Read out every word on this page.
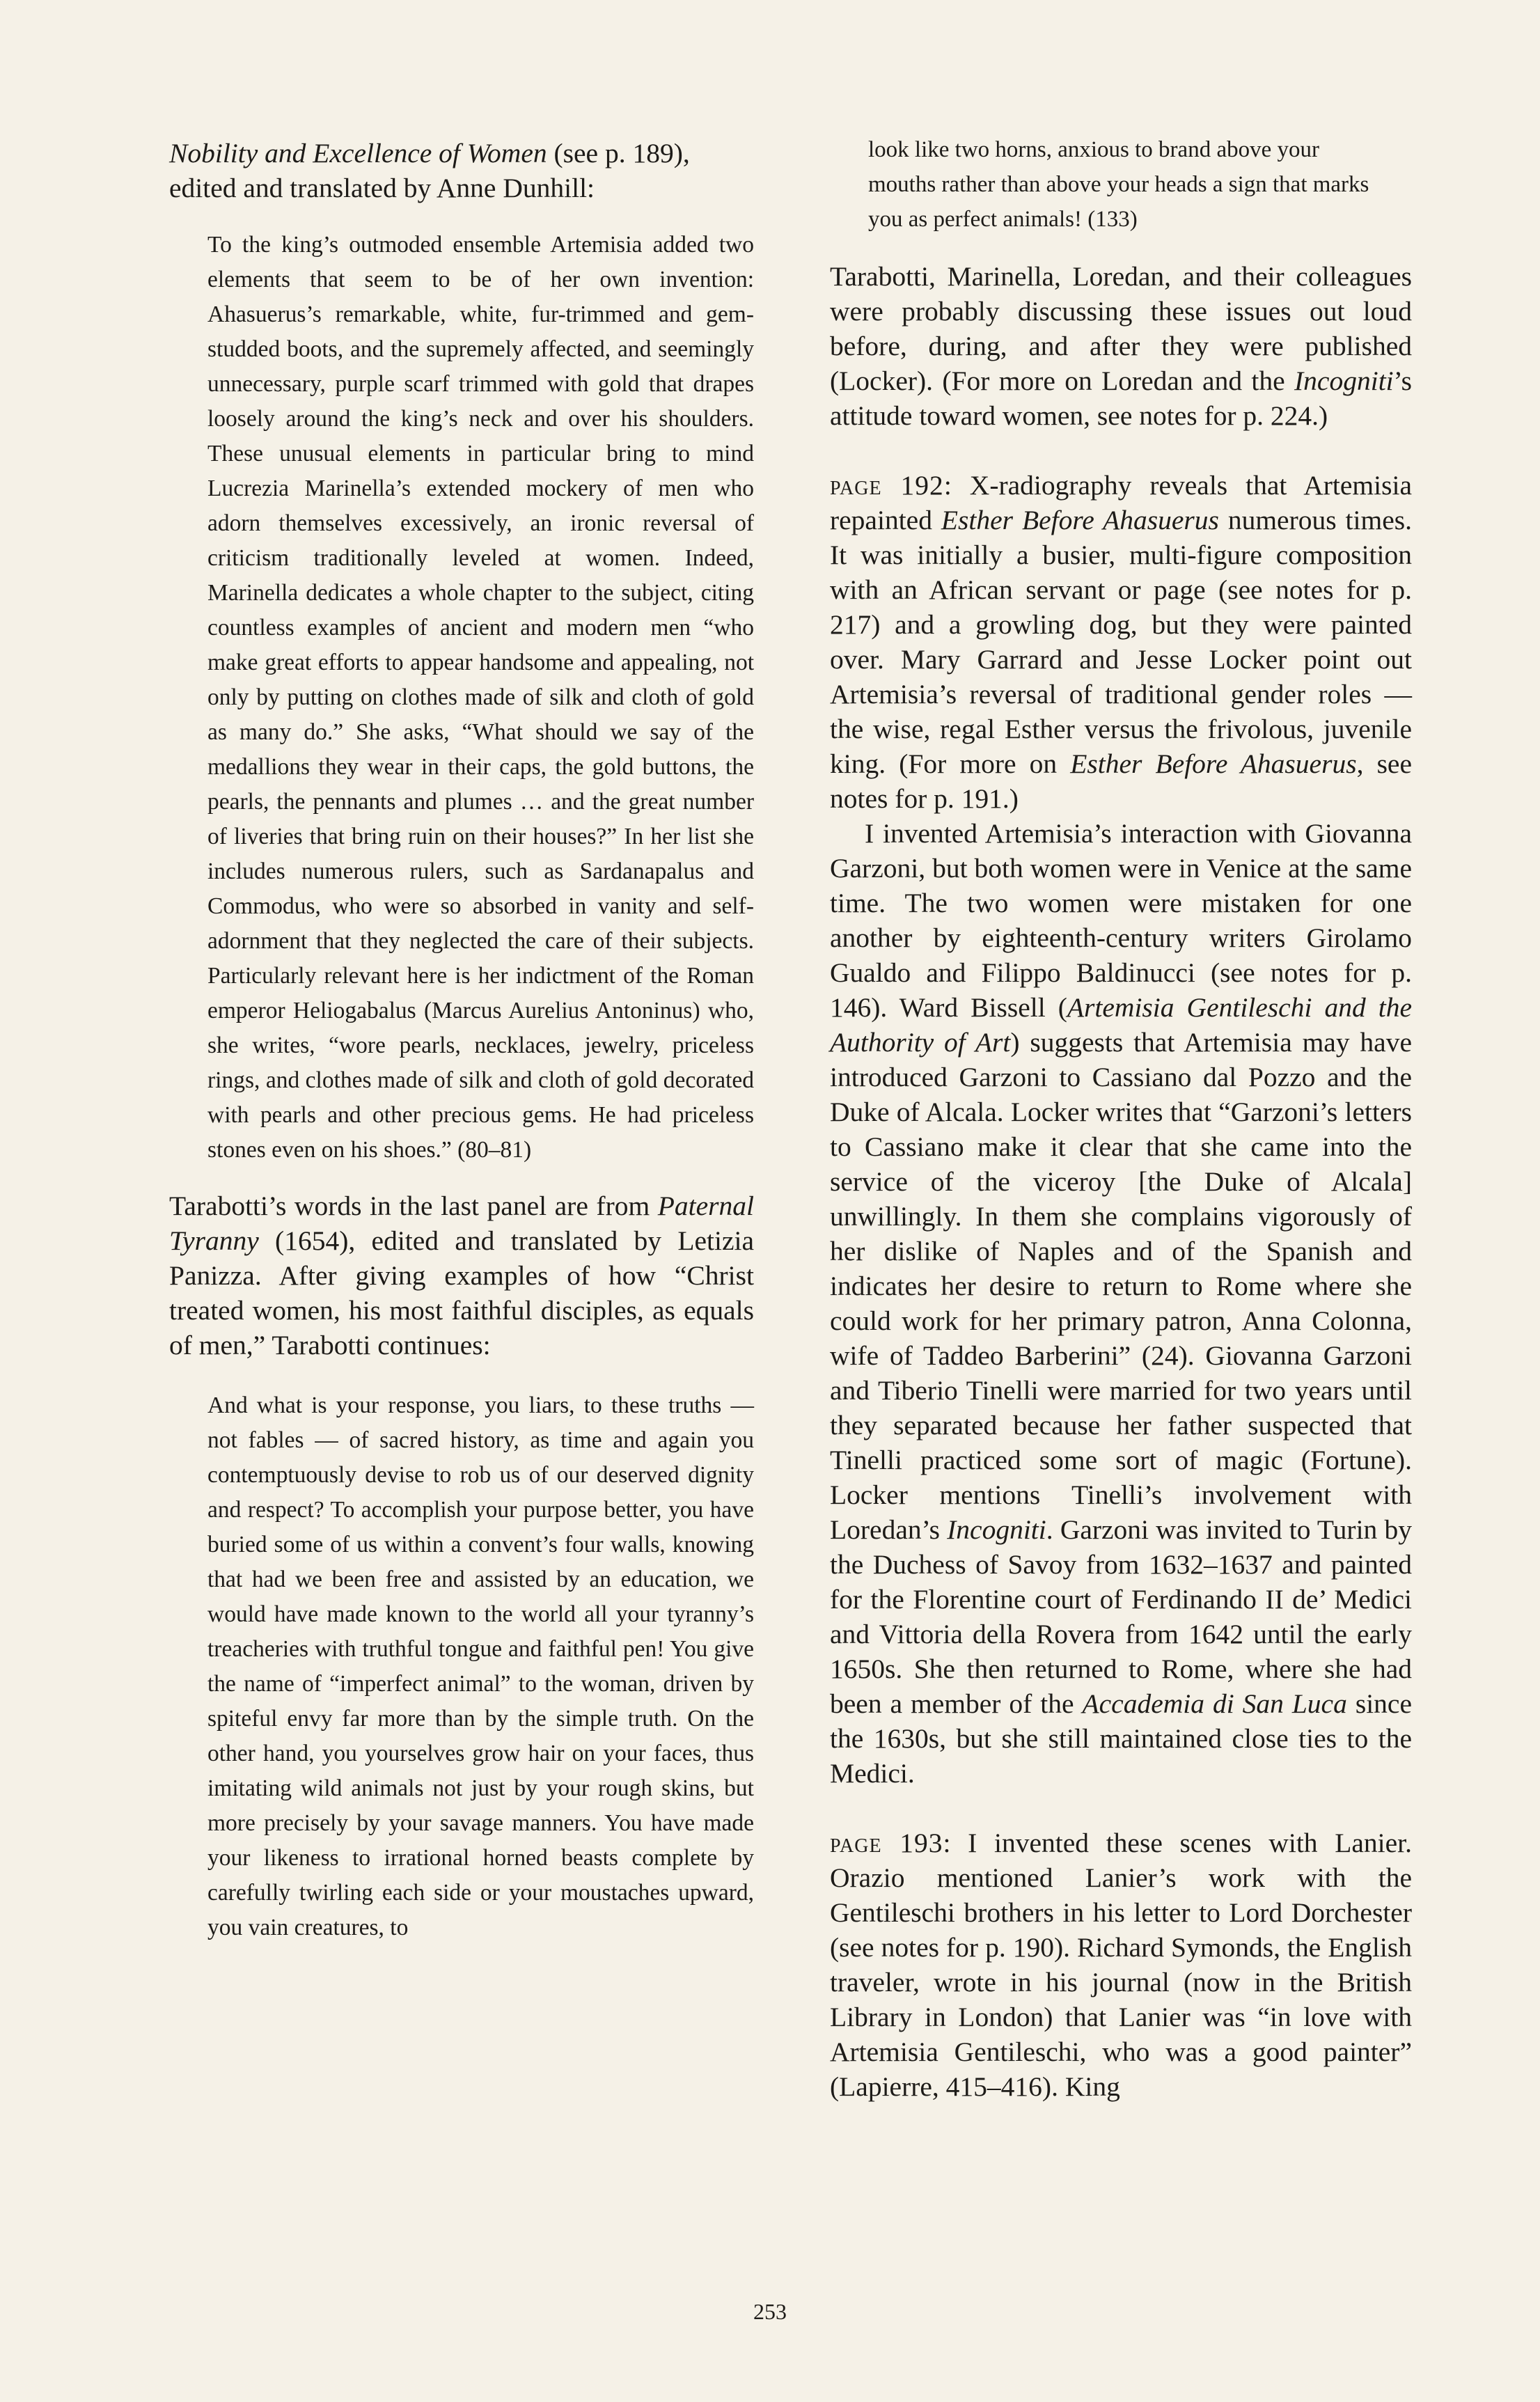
Nobility and Excellence of Women (see p. 189), edited and translated by Anne Dunhill:

To the king’s outmoded ensemble Artemisia added two elements that seem to be of her own invention: Ahasuerus’s remarkable, white, fur-trimmed and gem-studded boots, and the supremely affected, and seemingly unnecessary, purple scarf trimmed with gold that drapes loosely around the king’s neck and over his shoulders. These unusual elements in particular bring to mind Lucrezia Marinella’s extended mockery of men who adorn themselves excessively, an ironic reversal of criticism traditionally leveled at women. Indeed, Marinella dedicates a whole chapter to the subject, citing countless examples of ancient and modern men “who make great efforts to appear handsome and appealing, not only by putting on clothes made of silk and cloth of gold as many do.” She asks, “What should we say of the medallions they wear in their caps, the gold buttons, the pearls, the pennants and plumes … and the great number of liveries that bring ruin on their houses?” In her list she includes numerous rulers, such as Sardanapalus and Commodus, who were so absorbed in vanity and self-adornment that they neglected the care of their subjects. Particularly relevant here is her indictment of the Roman emperor Heliogabalus (Marcus Aurelius Antoninus) who, she writes, “wore pearls, necklaces, jewelry, priceless rings, and clothes made of silk and cloth of gold decorated with pearls and other precious gems. He had priceless stones even on his shoes.” (80–81)

Tarabotti’s words in the last panel are from Paternal Tyranny (1654), edited and translated by Letizia Panizza. After giving examples of how “Christ treated women, his most faithful disciples, as equals of men,” Tarabotti continues:

And what is your response, you liars, to these truths — not fables — of sacred history, as time and again you contemptuously devise to rob us of our deserved dignity and respect? To accomplish your purpose better, you have buried some of us within a convent’s four walls, knowing that had we been free and assisted by an education, we would have made known to the world all your tyranny’s treacheries with truthful tongue and faithful pen! You give the name of “imperfect animal” to the woman, driven by spiteful envy far more than by the simple truth. On the other hand, you yourselves grow hair on your faces, thus imitating wild animals not just by your rough skins, but more precisely by your savage manners. You have made your likeness to irrational horned beasts complete by carefully twirling each side or your moustaches upward, you vain creatures, to

look like two horns, anxious to brand above your mouths rather than above your heads a sign that marks you as perfect animals! (133)

Tarabotti, Marinella, Loredan, and their colleagues were probably discussing these issues out loud before, during, and after they were published (Locker). (For more on Loredan and the Incogniti’s attitude toward women, see notes for p. 224.)

page 192: X-radiography reveals that Artemisia repainted Esther Before Ahasuerus numerous times. It was initially a busier, multi-figure composition with an African servant or page (see notes for p. 217) and a growling dog, but they were painted over. Mary Garrard and Jesse Locker point out Artemisia’s reversal of traditional gender roles — the wise, regal Esther versus the frivolous, juvenile king. (For more on Esther Before Ahasuerus, see notes for p. 191.)

I invented Artemisia’s interaction with Giovanna Garzoni, but both women were in Venice at the same time. The two women were mistaken for one another by eighteenth-century writers Girolamo Gualdo and Filippo Baldinucci (see notes for p. 146). Ward Bissell (Artemisia Gentileschi and the Authority of Art) suggests that Artemisia may have introduced Garzoni to Cassiano dal Pozzo and the Duke of Alcala. Locker writes that “Garzoni’s letters to Cassiano make it clear that she came into the service of the viceroy [the Duke of Alcala] unwillingly. In them she complains vigorously of her dislike of Naples and of the Spanish and indicates her desire to return to Rome where she could work for her primary patron, Anna Colonna, wife of Taddeo Barberini” (24). Giovanna Garzoni and Tiberio Tinelli were married for two years until they separated because her father suspected that Tinelli practiced some sort of magic (Fortune). Locker mentions Tinelli’s involvement with Loredan’s Incogniti. Garzoni was invited to Turin by the Duchess of Savoy from 1632–1637 and painted for the Florentine court of Ferdinando II de’ Medici and Vittoria della Rovera from 1642 until the early 1650s. She then returned to Rome, where she had been a member of the Accademia di San Luca since the 1630s, but she still maintained close ties to the Medici.

page 193: I invented these scenes with Lanier. Orazio mentioned Lanier’s work with the Gentileschi brothers in his letter to Lord Dorchester (see notes for p. 190). Richard Symonds, the English traveler, wrote in his journal (now in the British Library in London) that Lanier was “in love with Artemisia Gentileschi, who was a good painter” (Lapierre, 415–416). King

253
